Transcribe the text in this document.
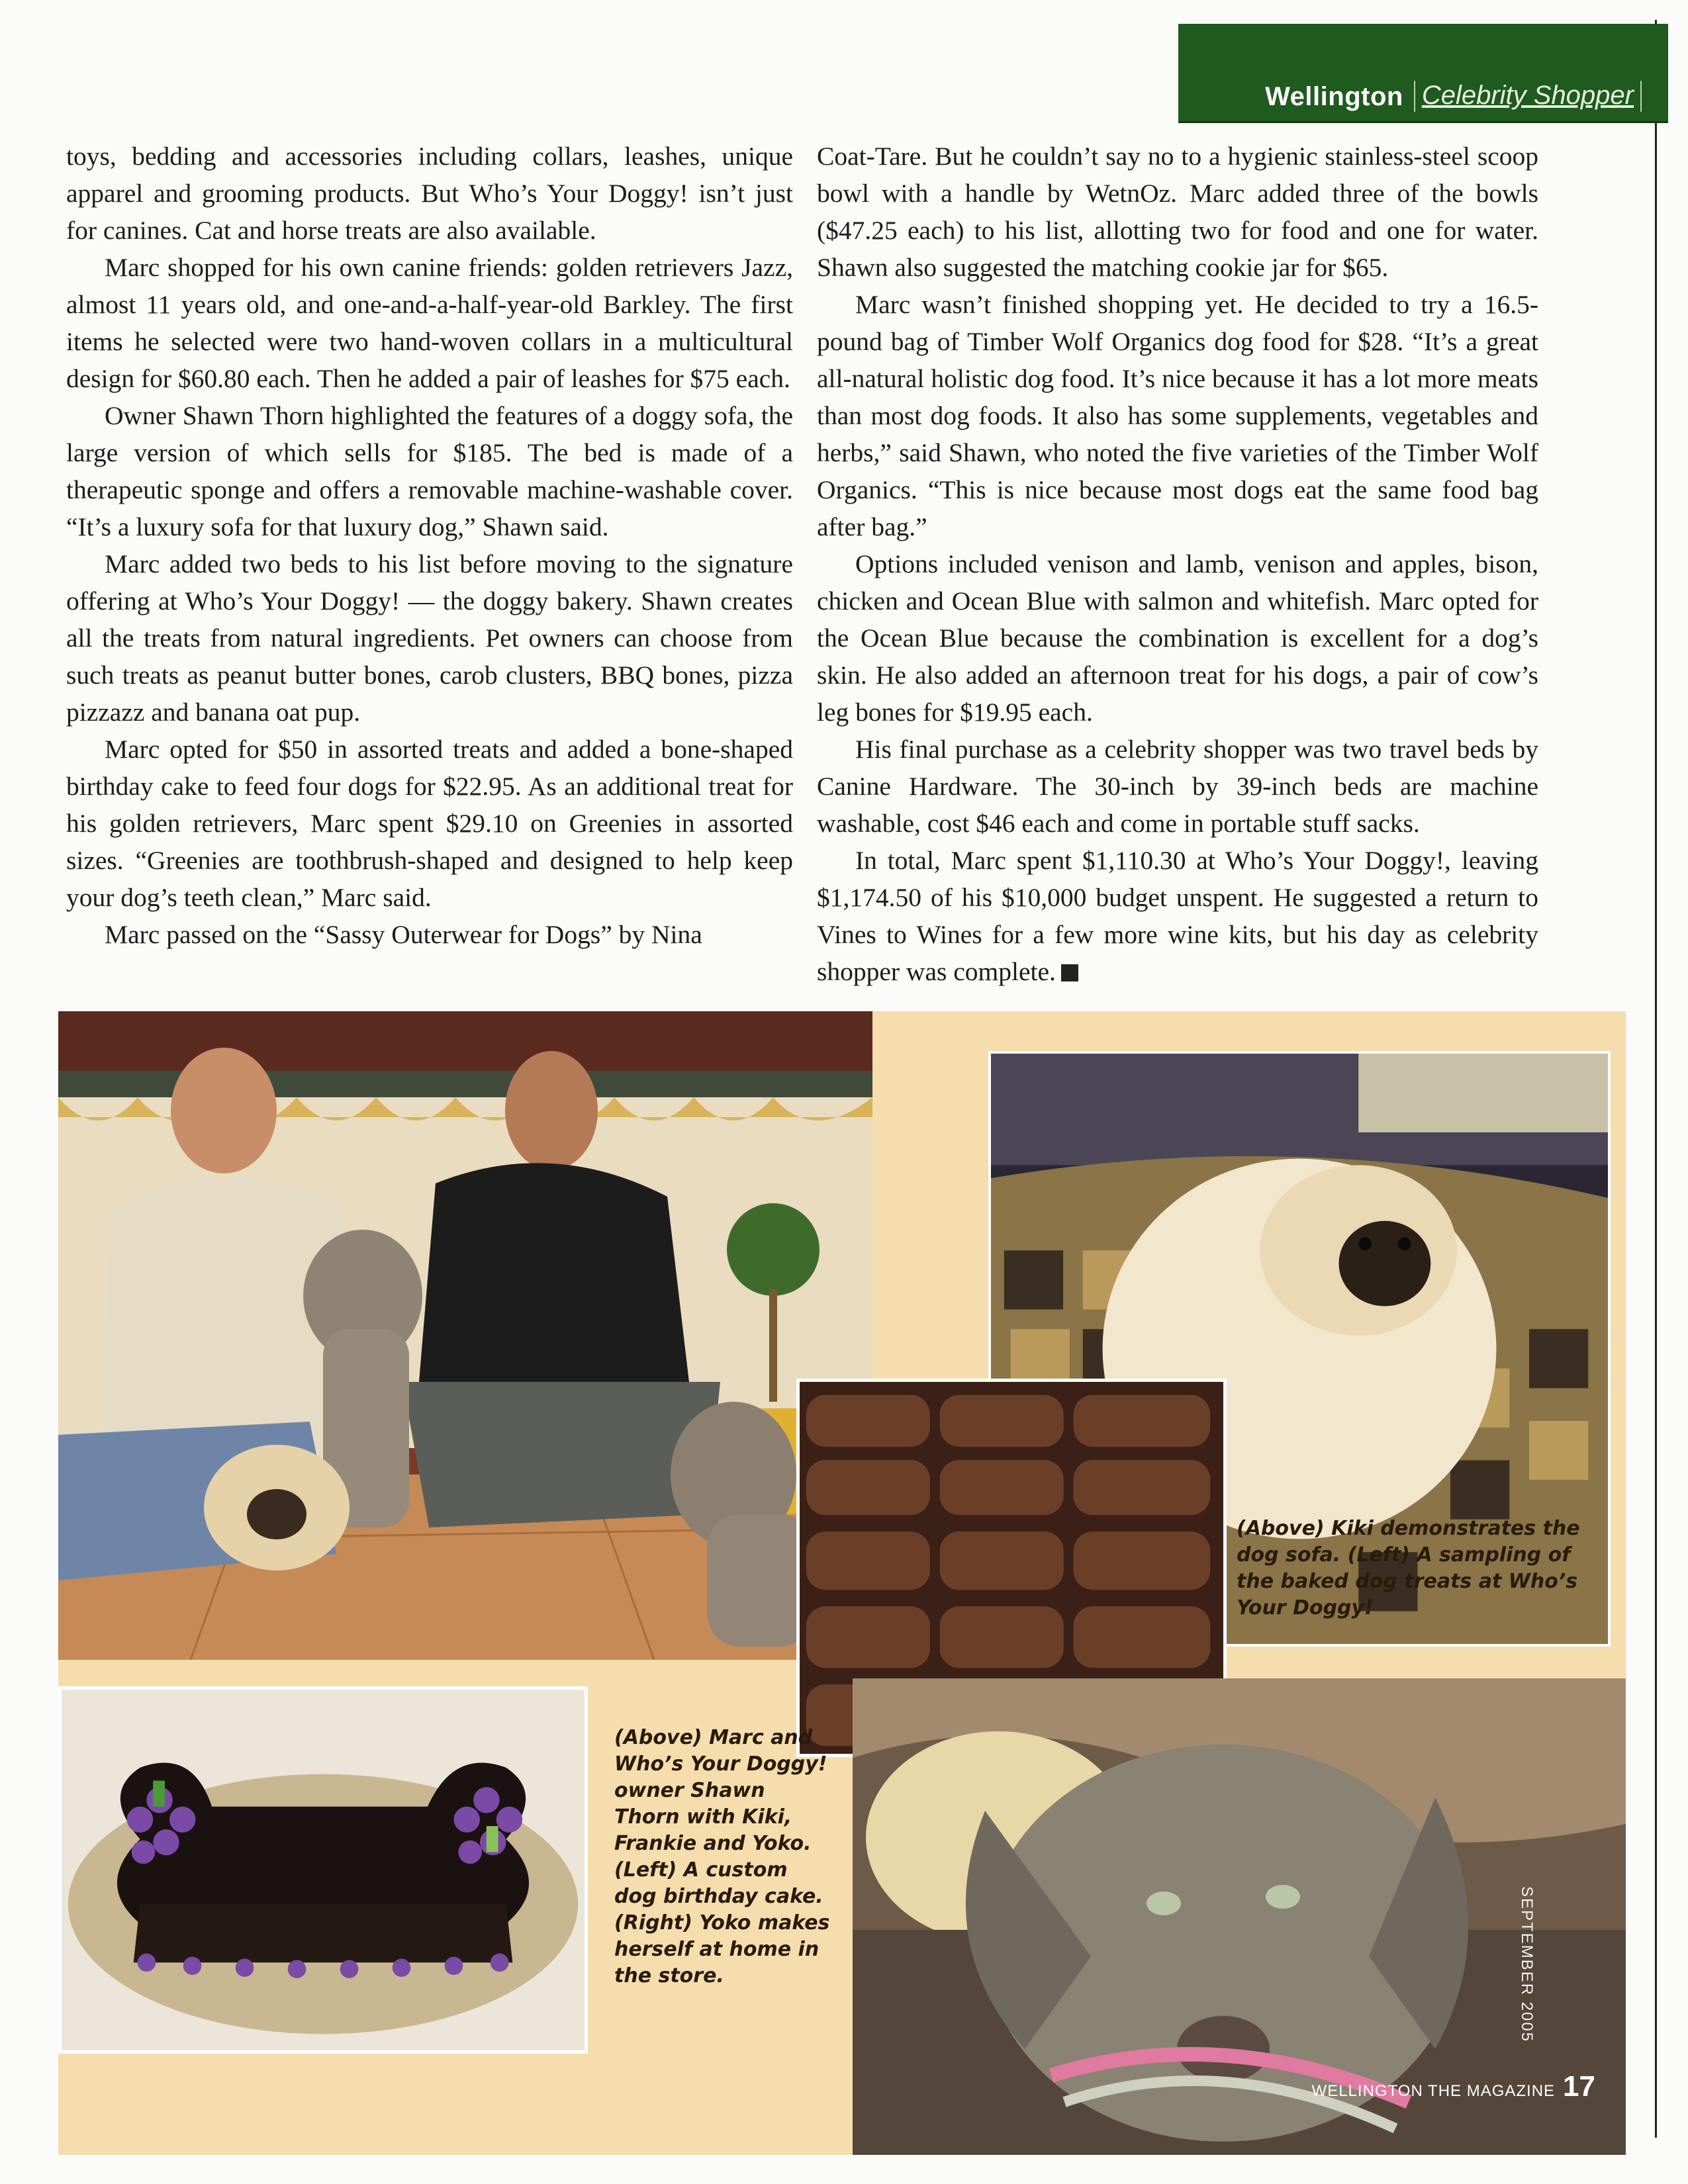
Wellington Celebrity Shopper

toys, bedding and accessories including collars, leashes, unique apparel and grooming products. But Who’s Your Doggy! isn’t just for canines. Cat and horse treats are also available.

Marc shopped for his own canine friends: golden retrievers Jazz, almost 11 years old, and one-and-a-half-year-old Barkley. The first items he selected were two hand-woven collars in a multicultural design for $60.80 each. Then he added a pair of leashes for $75 each.

Owner Shawn Thorn highlighted the features of a doggy sofa, the large version of which sells for $185. The bed is made of a therapeutic sponge and offers a removable machine-washable cover. “It’s a luxury sofa for that luxury dog,” Shawn said.

Marc added two beds to his list before moving to the signature offering at Who’s Your Doggy! — the doggy bakery. Shawn creates all the treats from natural ingredients. Pet owners can choose from such treats as peanut butter bones, carob clusters, BBQ bones, pizza pizzazz and banana oat pup.

Marc opted for $50 in assorted treats and added a bone-shaped birthday cake to feed four dogs for $22.95. As an additional treat for his golden retrievers, Marc spent $29.10 on Greenies in assorted sizes. “Greenies are toothbrush-shaped and designed to help keep your dog’s teeth clean,” Marc said.

Marc passed on the “Sassy Outerwear for Dogs” by Nina

Coat-Tare. But he couldn’t say no to a hygienic stainless-steel scoop bowl with a handle by WetnOz. Marc added three of the bowls ($47.25 each) to his list, allotting two for food and one for water. Shawn also suggested the matching cookie jar for $65.

Marc wasn’t finished shopping yet. He decided to try a 16.5-pound bag of Timber Wolf Organics dog food for $28. “It’s a great all-natural holistic dog food. It’s nice because it has a lot more meats than most dog foods. It also has some supplements, vegetables and herbs,” said Shawn, who noted the five varieties of the Timber Wolf Organics. “This is nice because most dogs eat the same food bag after bag.”

Options included venison and lamb, venison and apples, bison, chicken and Ocean Blue with salmon and whitefish. Marc opted for the Ocean Blue because the combination is excellent for a dog’s skin. He also added an afternoon treat for his dogs, a pair of cow’s leg bones for $19.95 each.

His final purchase as a celebrity shopper was two travel beds by Canine Hardware. The 30-inch by 39-inch beds are machine washable, cost $46 each and come in portable stuff sacks.

In total, Marc spent $1,110.30 at Who’s Your Doggy!, leaving $1,174.50 of his $10,000 budget unspent. He suggested a return to Vines to Wines for a few more wine kits, but his day as celebrity shopper was complete.

(Above) Kiki demonstrates the dog sofa. (Left) A sampling of the baked dog treats at Who’s Your Doggy!
(Above) Marc and Who’s Your Doggy! owner Shawn Thorn with Kiki, Frankie and Yoko. (Left) A custom dog birthday cake. (Right) Yoko makes herself at home in the store.	SEPTEMBER 2005
WELLINGTON THE MAGAZINE 17
